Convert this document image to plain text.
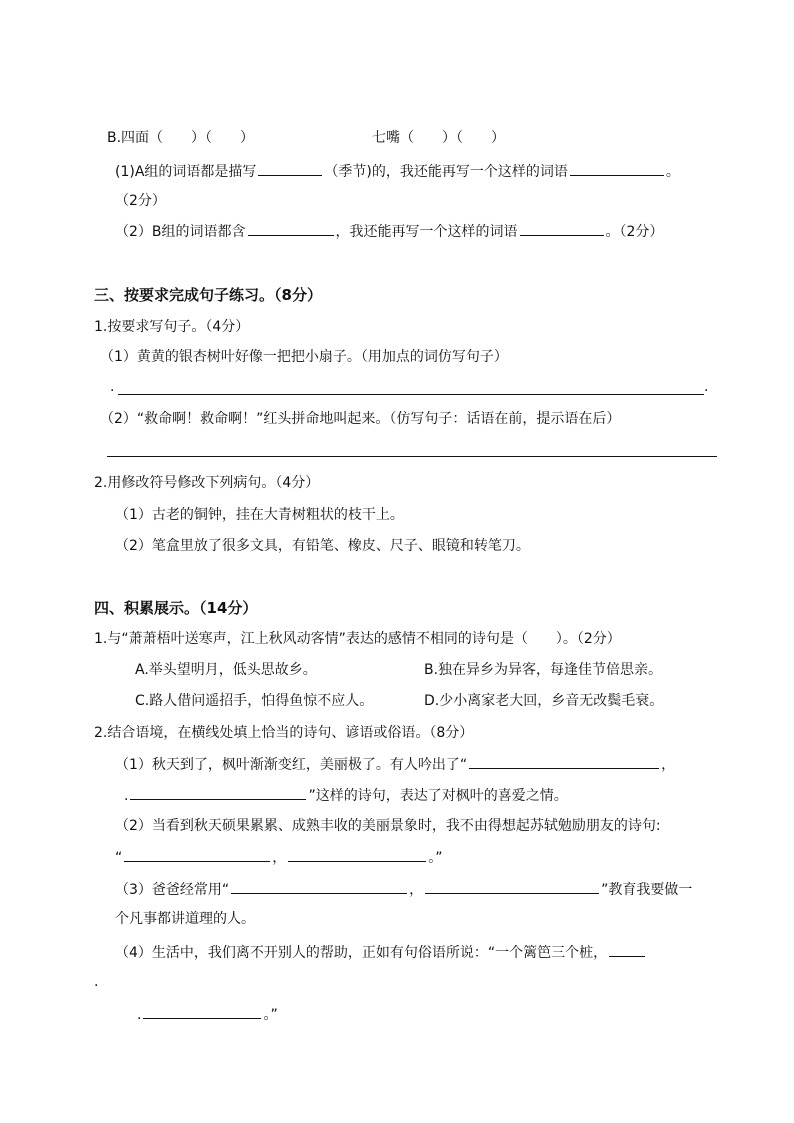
B.四面（　　）（　　）	七嘴（　　）（　　）
(1)A组的词语都是描写	（季节)的，我还能再写一个这样的词语	。
（2分）
（2）B组的词语都含	，我还能再写一个这样的词语	。（2分）
三、按要求完成句子练习。（8分）
1.按要求写句子。（4分）
（1）黄黄的银杏树叶好像一把把小扇子。（用加点的词仿写句子）
.	.
（2）“救命啊！救命啊！”红头拼命地叫起来。（仿写句子：话语在前，提示语在后）
2.用修改符号修改下列病句。（4分）
（1）古老的铜钟，挂在大青树粗状的枝干上。
（2）笔盒里放了很多文具，有铅笔、橡皮、尺子、眼镜和转笔刀。
四、积累展示。（14分）
1.与“萧萧梧叶送寒声，江上秋风动客情”表达的感情不相同的诗句是（　　）。（2分）
A.举头望明月，低头思故乡。	B.独在异乡为异客，每逢佳节倍思亲。
C.路人借问遥招手，怕得鱼惊不应人。	D.少小离家老大回，乡音无改鬓毛衰。
2.结合语境，在横线处填上恰当的诗句、谚语或俗语。（8分）
（1）秋天到了，枫叶渐渐变红，美丽极了。有人吟出了“	，
.	”这样的诗句，表达了对枫叶的喜爱之情。
（2）当看到秋天硕果累累、成熟丰收的美丽景象时，我不由得想起苏轼勉励朋友的诗句:
“	，	。”
（3）爸爸经常用“	，	”教育我要做一
个凡事都讲道理的人。
（4）生活中，我们离不开别人的帮助，正如有句俗语所说：“一个篱笆三个桩，
.
.	。”
